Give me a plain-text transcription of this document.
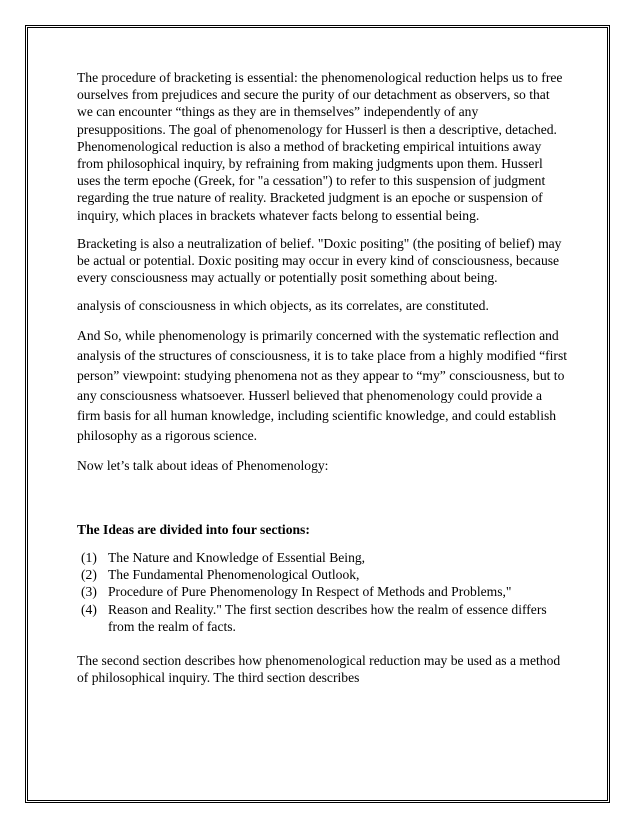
The procedure of bracketing is essential: the phenomenological reduction helps us to free ourselves from prejudices and secure the purity of our detachment as observers, so that we can encounter “things as they are in themselves” independently of any presuppositions. The goal of phenomenology for Husserl is then a descriptive, detached. Phenomenological reduction is also a method of bracketing empirical intuitions away from philosophical inquiry, by refraining from making judgments upon them. Husserl uses the term epoche (Greek, for "a cessation") to refer to this suspension of judgment regarding the true nature of reality. Bracketed judgment is an epoche or suspension of inquiry, which places in brackets whatever facts belong to essential being.

Bracketing is also a neutralization of belief. "Doxic positing" (the positing of belief) may be actual or potential. Doxic positing may occur in every kind of consciousness, because every consciousness may actually or potentially posit something about being.

analysis of consciousness in which objects, as its correlates, are constituted.

And So, while phenomenology is primarily concerned with the systematic reflection and analysis of the structures of consciousness, it is to take place from a highly modified “first person” viewpoint: studying phenomena not as they appear to “my” consciousness, but to any consciousness whatsoever. Husserl believed that phenomenology could provide a firm basis for all human knowledge, including scientific knowledge, and could establish philosophy as a rigorous science.

Now let’s talk about ideas of Phenomenology:

The Ideas are divided into four sections:

(1) The Nature and Knowledge of Essential Being,
(2) The Fundamental Phenomenological Outlook,
(3) Procedure of Pure Phenomenology In Respect of Methods and Problems,"
(4) Reason and Reality." The first section describes how the realm of essence differs from the realm of facts.

The second section describes how phenomenological reduction may be used as a method of philosophical inquiry. The third section describes
